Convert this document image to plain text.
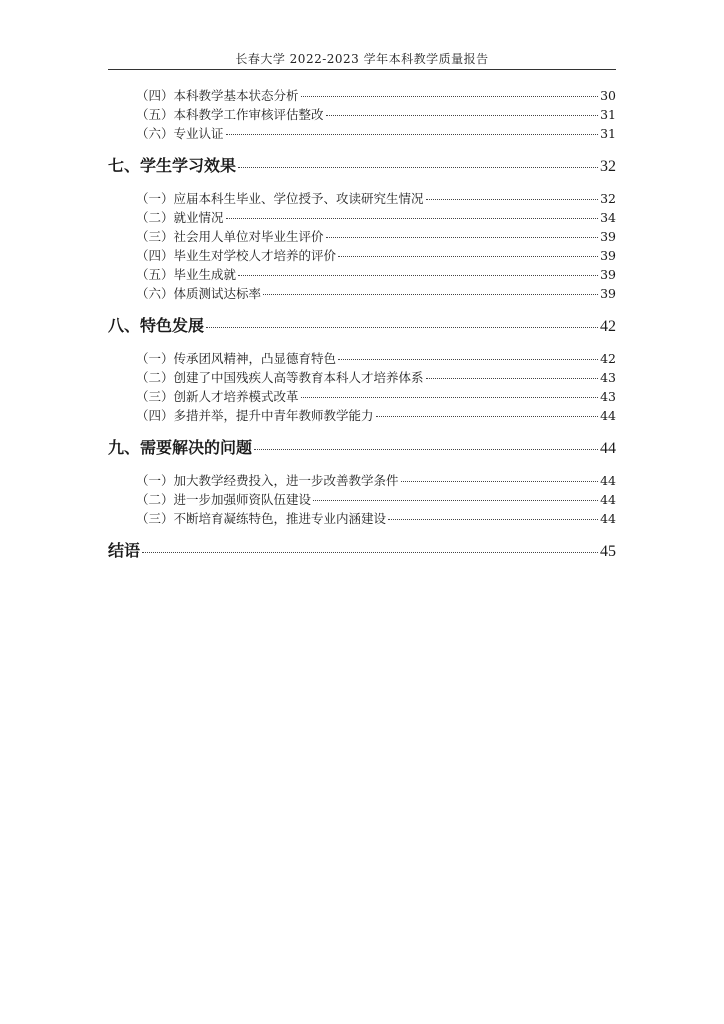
长春大学 2022-2023 学年本科教学质量报告
（四）本科教学基本状态分析	30
（五）本科教学工作审核评估整改	31
（六）专业认证	31
七、学生学习效果	32
（一）应届本科生毕业、学位授予、攻读研究生情况	32
（二）就业情况	34
（三）社会用人单位对毕业生评价	39
（四）毕业生对学校人才培养的评价	39
（五）毕业生成就	39
（六）体质测试达标率	39
八、特色发展	42
（一）传承团风精神，凸显德育特色	42
（二）创建了中国残疾人高等教育本科人才培养体系	43
（三）创新人才培养模式改革	43
（四）多措并举，提升中青年教师教学能力	44
九、需要解决的问题	44
（一）加大教学经费投入，进一步改善教学条件	44
（二）进一步加强师资队伍建设	44
（三）不断培育凝练特色，推进专业内涵建设	44
结语	45
